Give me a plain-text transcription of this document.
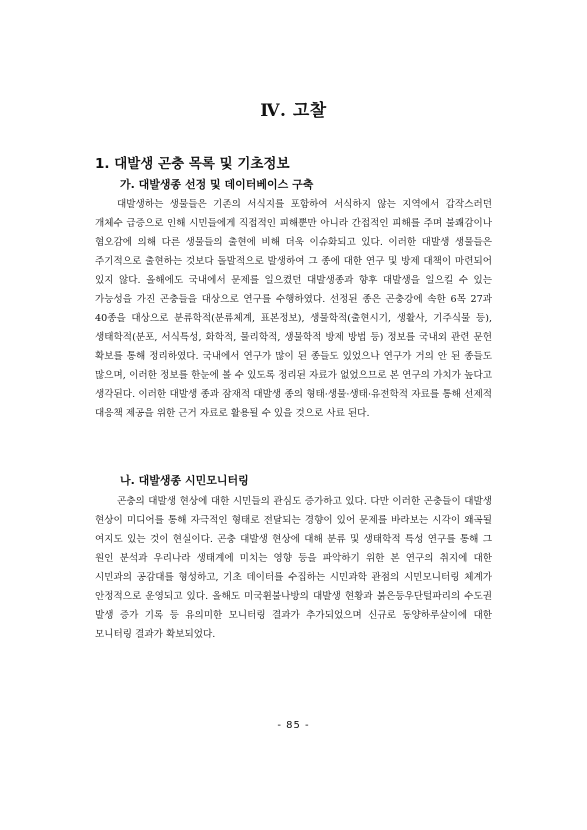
Ⅳ. 고찰
1. 대발생 곤충 목록 및 기초정보
가. 대발생종 선정 및 데이터베이스 구축

대발생하는 생물들은 기존의 서식지를 포함하여 서식하지 않는 지역에서 갑작스러던 개체수 급증으로 인해 시민들에게 직접적인 피해뿐만 아니라 간접적인 피해를 주며 불쾌감이나 혐오감에 의해 다른 생물들의 출현에 비해 더욱 이슈화되고 있다. 이러한 대발생 생물들은 주기적으로 출현하는 것보다 돌발적으로 발생하여 그 종에 대한 연구 및 방제 대책이 마련되어 있지 않다. 올해에도 국내에서 문제를 일으켰던 대발생종과 향후 대발생을 일으킬 수 있는 가능성을 가진 곤충들을 대상으로 연구를 수행하였다. 선정된 종은 곤충강에 속한 6목 27과 40종을 대상으로 분류학적(분류체계, 표본정보), 생물학적(출현시기, 생활사, 기주식물 등), 생태학적(분포, 서식특성, 화학적, 물리학적, 생물학적 방제 방법 등) 정보를 국내외 관련 문헌 확보를 통해 정리하였다. 국내에서 연구가 많이 된 종들도 있었으나 연구가 거의 안 된 종들도 많으며, 이러한 정보를 한눈에 볼 수 있도록 정리된 자료가 없었으므로 본 연구의 가치가 높다고 생각된다. 이러한 대발생 종과 잠재적 대발생 종의 형태·생물·생태·유전학적 자료를 통해 선제적 대응책 제공을 위한 근거 자료로 활용될 수 있을 것으로 사료 된다.

나. 대발생종 시민모니터링

곤충의 대발생 현상에 대한 시민들의 관심도 증가하고 있다. 다만 이러한 곤충들이 대발생 현상이 미디어를 통해 자극적인 형태로 전달되는 경향이 있어 문제를 바라보는 시각이 왜곡될 여지도 있는 것이 현실이다. 곤충 대발생 현상에 대해 분류 및 생태학적 특성 연구를 통해 그 원인 분석과 우리나라 생태계에 미치는 영향 등을 파악하기 위한 본 연구의 취지에 대한 시민과의 공감대를 형성하고, 기초 데이터를 수집하는 시민과학 관점의 시민모니터링 체계가 안정적으로 운영되고 있다. 올해도 미국휜불나방의 대발생 현황과 붉은등우단털파리의 수도권 발생 증가 기록 등 유의미한 모니터링 결과가 추가되었으며 신규로 동양하루살이에 대한 모니터링 결과가 확보되었다.

- 85 -
